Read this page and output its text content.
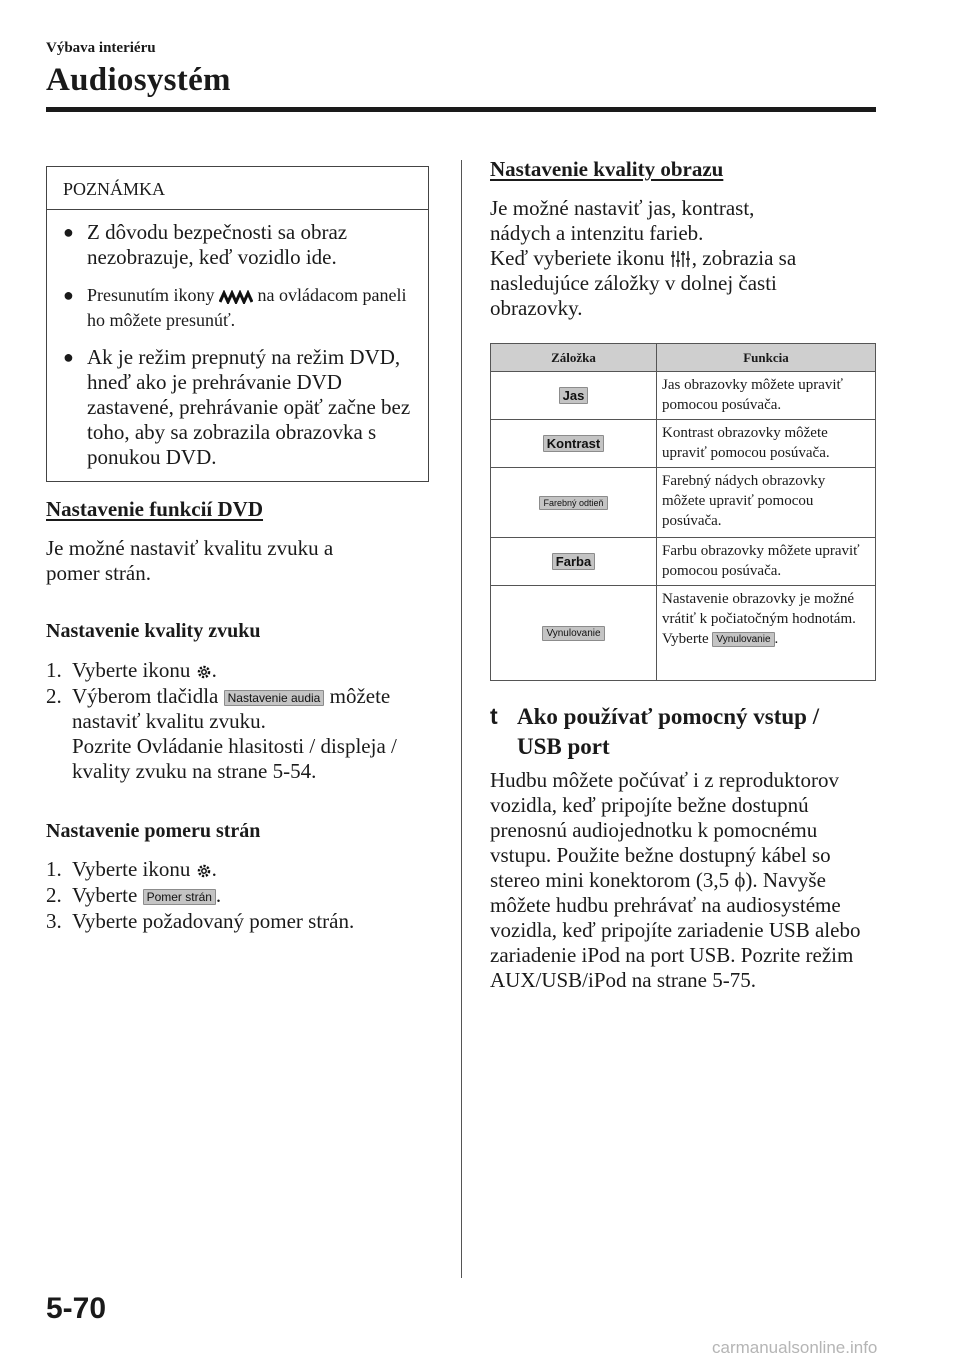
Výbava interiéru
Audiosystém
POZNÁMKA
● Z dôvodu bezpečnosti sa obraz nezobrazuje, keď vozidlo ide.
● Presunutím ikony na ovládacom paneli ho môžete presunúť.
● Ak je režim prepnutý na režim DVD, hneď ako je prehrávanie DVD zastavené, prehrávanie opäť začne bez toho, aby sa zobrazila obrazovka s ponukou DVD.
Nastavenie funkcií DVD
Je možné nastaviť kvalitu zvuku a pomer strán.
Nastavenie kvality zvuku
1. Vyberte ikonu .
2. Výberom tlačidla Nastavenie audia môžete nastaviť kvalitu zvuku.
Pozrite Ovládanie hlasitosti / displeja / kvality zvuku na strane 5-54.
Nastavenie pomeru strán
1. Vyberte ikonu .
2. Vyberte Pomer strán .
3. Vyberte požadovaný pomer strán.
Nastavenie kvality obrazu
Je možné nastaviť jas, kontrast, nádych a intenzitu farieb.
Keď vyberiete ikonu , zobrazia sa nasledujúce záložky v dolnej časti obrazovky.
Záložka	Funkcia
Jas	Jas obrazovky môžete upraviť pomocou posúvača.
Kontrast	Kontrast obrazovky môžete upraviť pomocou posúvača.
Farebný odtieň	Farebný nádych obrazovky môžete upraviť pomocou posúvača.
Farba	Farbu obrazovky môžete upraviť pomocou posúvača.
Vynulovanie	Nastavenie obrazovky je možné vrátiť k počiatočným hodnotám.
Vyberte Vynulovanie .
t Ako používať pomocný vstup / USB port
Hudbu môžete počúvať i z reproduktorov vozidla, keď pripojíte bežne dostupnú prenosnú audiojednotku k pomocnému vstupu. Použite bežne dostupný kábel so stereo mini konektorom (3,5 ϕ). Navyše môžete hudbu prehrávať na audiosystéme vozidla, keď pripojíte zariadenie USB alebo zariadenie iPod na port USB. Pozrite režim AUX/USB/iPod na strane 5-75.
5-70
carmanualsonline.info
